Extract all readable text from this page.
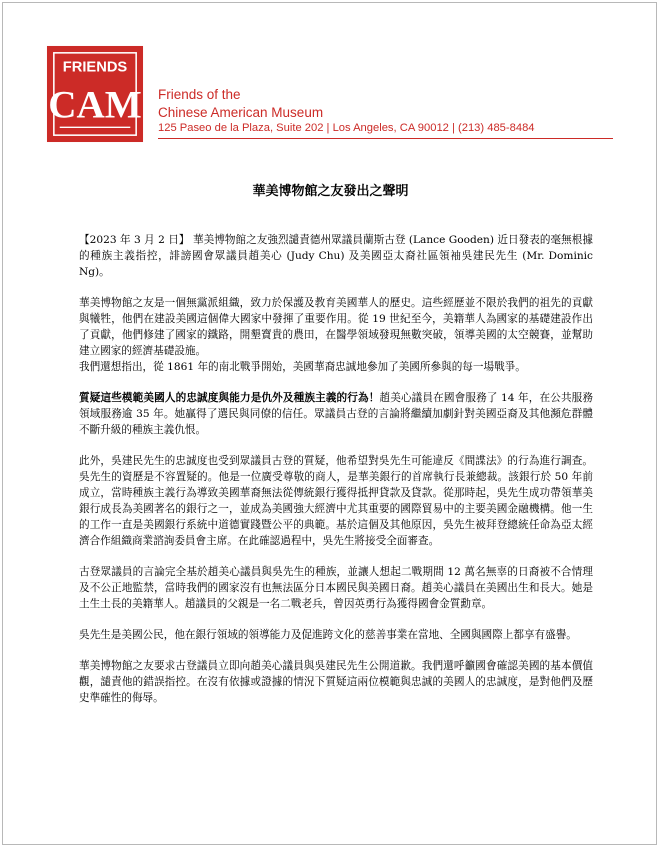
FRIENDS
CAM Friends of the
Chinese American Museum
125 Paseo de la Plaza, Suite 202 | Los Angeles, CA 90012 | (213) 485-8484
華美博物館之友發出之聲明

【2023 年 3 月 2 日】 華美博物館之友強烈譴責德州眾議員蘭斯古登 (Lance Gooden) 近日發表的毫無根據的種族主義指控，誹謗國會眾議員趙美心 (Judy Chu) 及美國亞太裔社區領袖吳建民先生 (Mr. Dominic Ng)。

華美博物館之友是一個無黨派組織，致力於保護及教育美國華人的歷史。這些經歷並不限於我們的祖先的貢獻與犧牲，他們在建設美國這個偉大國家中發揮了重要作用。從 19 世紀至今，美籍華人為國家的基礎建設作出了貢獻，他們修建了國家的鐵路，開墾寶貴的農田，在醫學領域發現無數突破，領導美國的太空競賽，並幫助建立國家的經濟基礎設施。

我們還想指出，從 1861 年的南北戰爭開始，美國華裔忠誠地參加了美國所參與的每一場戰爭。

質疑這些模範美國人的忠誠度與能力是仇外及種族主義的行為！趙美心議員在國會服務了 14 年，在公共服務領域服務逾 35 年。她贏得了選民與同僚的信任。眾議員古登的言論將繼續加劇針對美國亞裔及其他瀕危群體不斷升級的種族主義仇恨。

此外，吳建民先生的忠誠度也受到眾議員古登的質疑，他希望對吳先生可能違反《間諜法》的行為進行調查。吳先生的資歷是不容置疑的。他是一位廣受尊敬的商人，是華美銀行的首席執行長兼總裁。該銀行於 50 年前成立，當時種族主義行為導致美國華裔無法從傳統銀行獲得抵押貸款及貸款。從那時起，吳先生成功帶領華美銀行成長為美國著名的銀行之一，並成為美國強大經濟中尤其重要的國際貿易中的主要美國金融機構。他一生的工作一直是美國銀行系統中道德實踐暨公平的典範。基於這個及其他原因，吳先生被拜登總統任命為亞太經濟合作組織商業諮詢委員會主席。在此確認過程中，吳先生將接受全面審查。

古登眾議員的言論完全基於趙美心議員與吳先生的種族，並讓人想起二戰期間 12 萬名無辜的日裔被不合情理及不公正地監禁，當時我們的國家沒有也無法區分日本國民與美國日裔。趙美心議員在美國出生和長大。她是土生土長的美籍華人。趙議員的父親是一名二戰老兵，曾因英勇行為獲得國會金質勳章。

吳先生是美國公民，他在銀行領域的領導能力及促進跨文化的慈善事業在當地、全國與國際上都享有盛譽。

華美博物館之友要求古登議員立即向趙美心議員與吳建民先生公開道歉。我們還呼籲國會確認美國的基本價值觀，譴責他的錯誤指控。在沒有依據或證據的情況下質疑這兩位模範與忠誠的美國人的忠誠度，是對他們及歷史準確性的侮辱。
